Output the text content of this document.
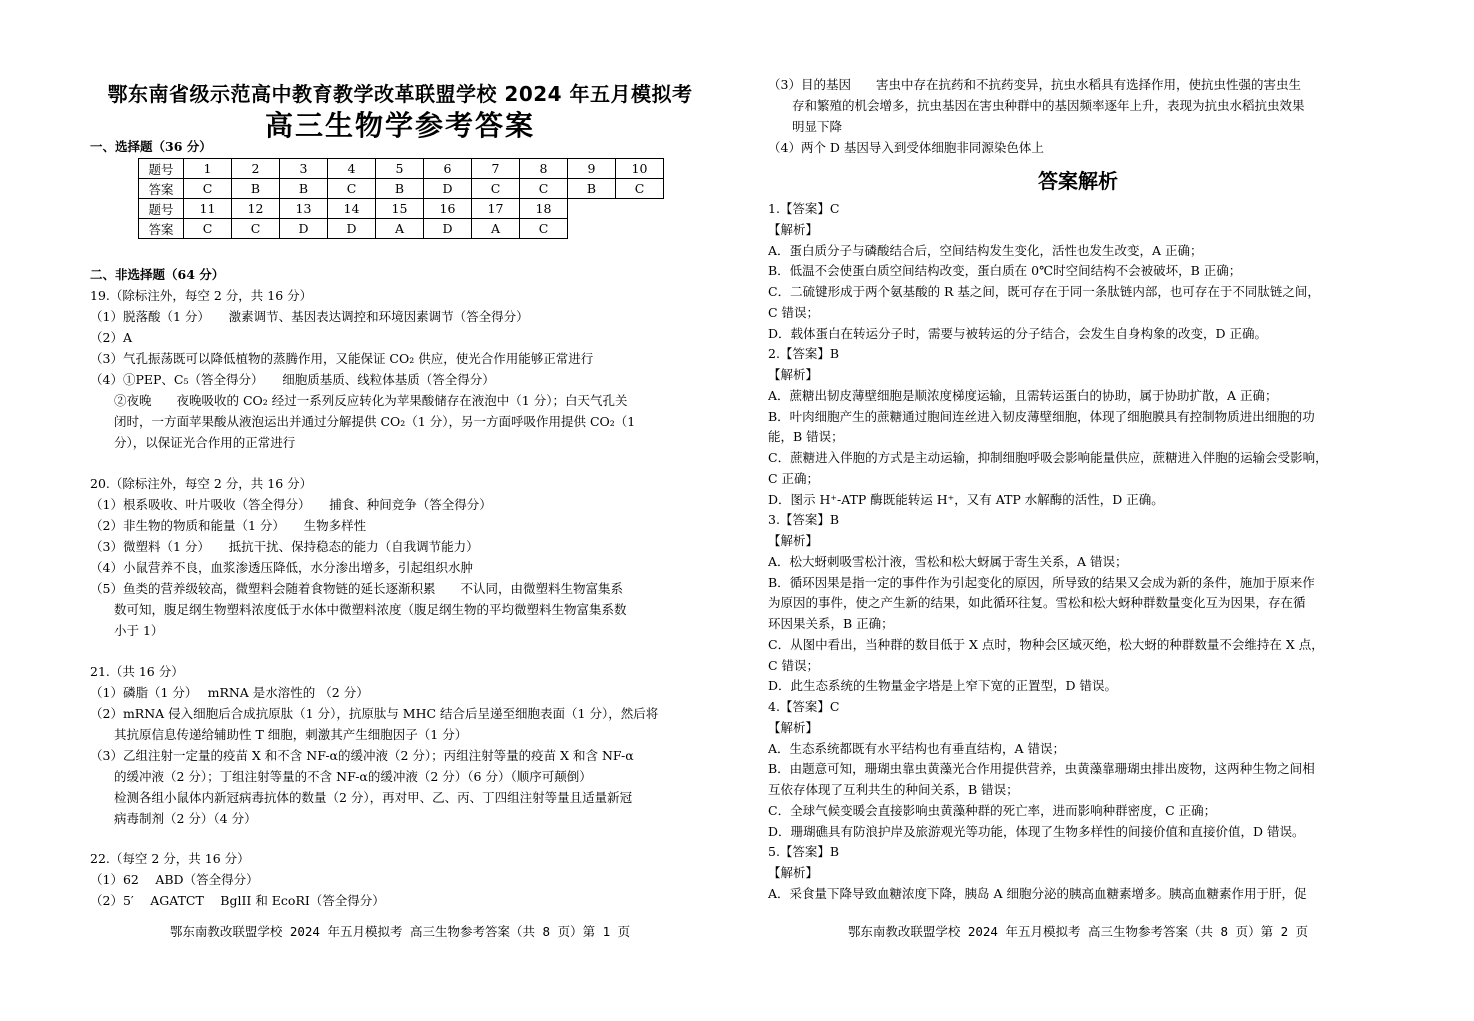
鄂东南省级示范高中教育教学改革联盟学校 2024 年五月模拟考
高三生物学参考答案
一、选择题（36 分）
题号	1	2	3	4	5	6	7	8	9	10
答案	C	B	B	C	B	D	C	C	B	C
题号	11	12	13	14	15	16	17	18		
答案	C	C	D	D	A	D	A	C		
二、非选择题（64 分）
19.（除标注外，每空 2 分，共 16 分）
（1）脱落酸（1 分）　　激素调节、基因表达调控和环境因素调节（答全得分）
（2）A
（3）气孔振荡既可以降低植物的蒸腾作用，又能保证 CO₂ 供应，使光合作用能够正常进行
（4）①PEP、C₅（答全得分）　　细胞质基质、线粒体基质（答全得分）
②夜晚　　夜晚吸收的 CO₂ 经过一系列反应转化为苹果酸储存在液泡中（1 分）；白天气孔关
闭时，一方面苹果酸从液泡运出并通过分解提供 CO₂（1 分），另一方面呼吸作用提供 CO₂（1
分），以保证光合作用的正常进行
20.（除标注外，每空 2 分，共 16 分）
（1）根系吸收、叶片吸收（答全得分）　　捕食、种间竞争（答全得分）
（2）非生物的物质和能量（1 分）　　生物多样性
（3）微塑料（1 分）　　抵抗干扰、保持稳态的能力（自我调节能力）
（4）小鼠营养不良，血浆渗透压降低，水分渗出增多，引起组织水肿
（5）鱼类的营养级较高，微塑料会随着食物链的延长逐渐积累　　不认同，由微塑料生物富集系
数可知，腹足纲生物塑料浓度低于水体中微塑料浓度（腹足纲生物的平均微塑料生物富集系数
小于 1）
21.（共 16 分）
（1）磷脂（1 分）　 mRNA 是水溶性的 （2 分）
（2）mRNA 侵入细胞后合成抗原肽（1 分），抗原肽与 MHC 结合后呈递至细胞表面（1 分），然后将
其抗原信息传递给辅助性 T 细胞，刺激其产生细胞因子（1 分）
（3）乙组注射一定量的疫苗 X 和不含 NF-α的缓冲液（2 分）；丙组注射等量的疫苗 X 和含 NF-α
的缓冲液（2 分）；丁组注射等量的不含 NF-α的缓冲液（2 分）（6 分）（顺序可颠倒）
检测各组小鼠体内新冠病毒抗体的数量（2 分），再对甲、乙、丙、丁四组注射等量且适量新冠
病毒制剂（2 分）（4 分）
22.（每空 2 分，共 16 分）
（1）62　 ABD（答全得分）
（2）5′　 AGATCT　 BglII 和 EcoRI（答全得分）
鄂东南教改联盟学校 2024 年五月模拟考 高三生物参考答案（共 8 页）第 1 页
（3）目的基因　　害虫中存在抗药和不抗药变异，抗虫水稻具有选择作用，使抗虫性强的害虫生
存和繁殖的机会增多，抗虫基因在害虫种群中的基因频率逐年上升，表现为抗虫水稻抗虫效果
明显下降
（4）两个 D 基因导入到受体细胞非同源染色体上
答案解析
1.【答案】C
【解析】
A．蛋白质分子与磷酸结合后，空间结构发生变化，活性也发生改变，A 正确；
B．低温不会使蛋白质空间结构改变，蛋白质在 0℃时空间结构不会被破坏，B 正确；
C．二硫键形成于两个氨基酸的 R 基之间，既可存在于同一条肽链内部，也可存在于不同肽链之间，
C 错误；
D．载体蛋白在转运分子时，需要与被转运的分子结合，会发生自身构象的改变，D 正确。
2.【答案】B
【解析】
A．蔗糖出韧皮薄壁细胞是顺浓度梯度运输，且需转运蛋白的协助，属于协助扩散，A 正确；
B．叶肉细胞产生的蔗糖通过胞间连丝进入韧皮薄壁细胞，体现了细胞膜具有控制物质进出细胞的功
能，B 错误；
C．蔗糖进入伴胞的方式是主动运输，抑制细胞呼吸会影响能量供应，蔗糖进入伴胞的运输会受影响，
C 正确；
D．图示 H⁺-ATP 酶既能转运 H⁺，又有 ATP 水解酶的活性，D 正确。
3.【答案】B
【解析】
A．松大蚜刺吸雪松汁液，雪松和松大蚜属于寄生关系，A 错误；
B．循环因果是指一定的事件作为引起变化的原因，所导致的结果又会成为新的条件，施加于原来作
为原因的事件，使之产生新的结果，如此循环往复。雪松和松大蚜种群数量变化互为因果，存在循
环因果关系，B 正确；
C．从图中看出，当种群的数目低于 X 点时，物种会区域灭绝，松大蚜的种群数量不会维持在 X 点，
C 错误；
D．此生态系统的生物量金字塔是上窄下宽的正置型，D 错误。
4.【答案】C
【解析】
A．生态系统都既有水平结构也有垂直结构，A 错误；
B．由题意可知，珊瑚虫靠虫黄藻光合作用提供营养，虫黄藻靠珊瑚虫排出废物，这两种生物之间相
互依存体现了互利共生的种间关系，B 错误；
C．全球气候变暖会直接影响虫黄藻种群的死亡率，进而影响种群密度，C 正确；
D．珊瑚礁具有防浪护岸及旅游观光等功能，体现了生物多样性的间接价值和直接价值，D 错误。
5.【答案】B
【解析】
A．采食量下降导致血糖浓度下降，胰岛 A 细胞分泌的胰高血糖素增多。胰高血糖素作用于肝，促
鄂东南教改联盟学校 2024 年五月模拟考 高三生物参考答案（共 8 页）第 2 页
